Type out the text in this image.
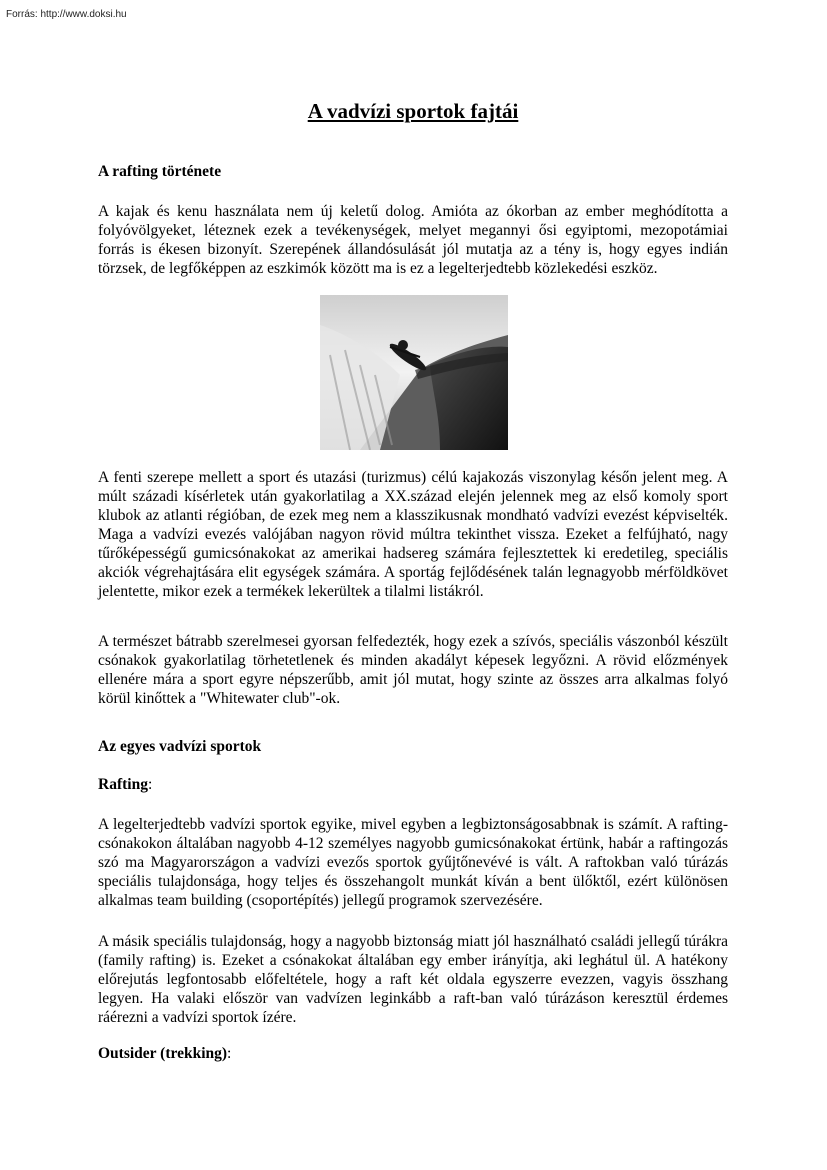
Forrás: http://www.doksi.hu
A vadvízi sportok fajtái
A rafting története

A kajak és kenu használata nem új keletű dolog. Amióta az ókorban az ember meghódította a folyóvölgyeket, léteznek ezek a tevékenységek, melyet megannyi ősi egyiptomi, mezopotámiai forrás is ékesen bizonyít. Szerepének állandósulását jól mutatja az a tény is, hogy egyes indián törzsek, de legfőképpen az eszkimók között ma is ez a legelterjedtebb közlekedési eszköz.

A fenti szerepe mellett a sport és utazási (turizmus) célú kajakozás viszonylag későn jelent meg. A múlt századi kísérletek után gyakorlatilag a XX.század elején jelennek meg az első komoly sport klubok az atlanti régióban, de ezek meg nem a klasszikusnak mondható vadvízi evezést képviselték. Maga a vadvízi evezés valójában nagyon rövid múltra tekinthet vissza. Ezeket a felfújható, nagy tűrőképességű gumicsónakokat az amerikai hadsereg számára fejlesztettek ki eredetileg, speciális akciók végrehajtására elit egységek számára. A sportág fejlődésének talán legnagyobb mérföldkövet jelentette, mikor ezek a termékek lekerültek a tilalmi listákról.

A természet bátrabb szerelmesei gyorsan felfedezték, hogy ezek a szívós, speciális vászonból készült csónakok gyakorlatilag törhetetlenek és minden akadályt képesek legyőzni. A rövid előzmények ellenére mára a sport egyre népszerűbb, amit jól mutat, hogy szinte az összes arra alkalmas folyó körül kinőttek a "Whitewater club"-ok.

Az egyes vadvízi sportok
Rafting:

A legelterjedtebb vadvízi sportok egyike, mivel egyben a legbiztonságosabbnak is számít. A rafting-csónakokon általában nagyobb 4-12 személyes nagyobb gumicsónakokat értünk, habár a raftingozás szó ma Magyarországon a vadvízi evezős sportok gyűjtőnevévé is vált. A raftokban való túrázás speciális tulajdonsága, hogy teljes és összehangolt munkát kíván a bent ülőktől, ezért különösen alkalmas team building (csoportépítés) jellegű programok szervezésére.

A másik speciális tulajdonság, hogy a nagyobb biztonság miatt jól használható családi jellegű túrákra (family rafting) is. Ezeket a csónakokat általában egy ember irányítja, aki leghátul ül. A hatékony előrejutás legfontosabb előfeltétele, hogy a raft két oldala egyszerre evezzen, vagyis összhang legyen. Ha valaki először van vadvízen leginkább a raft-ban való túrázáson keresztül érdemes ráérezni a vadvízi sportok ízére.

Outsider (trekking):
